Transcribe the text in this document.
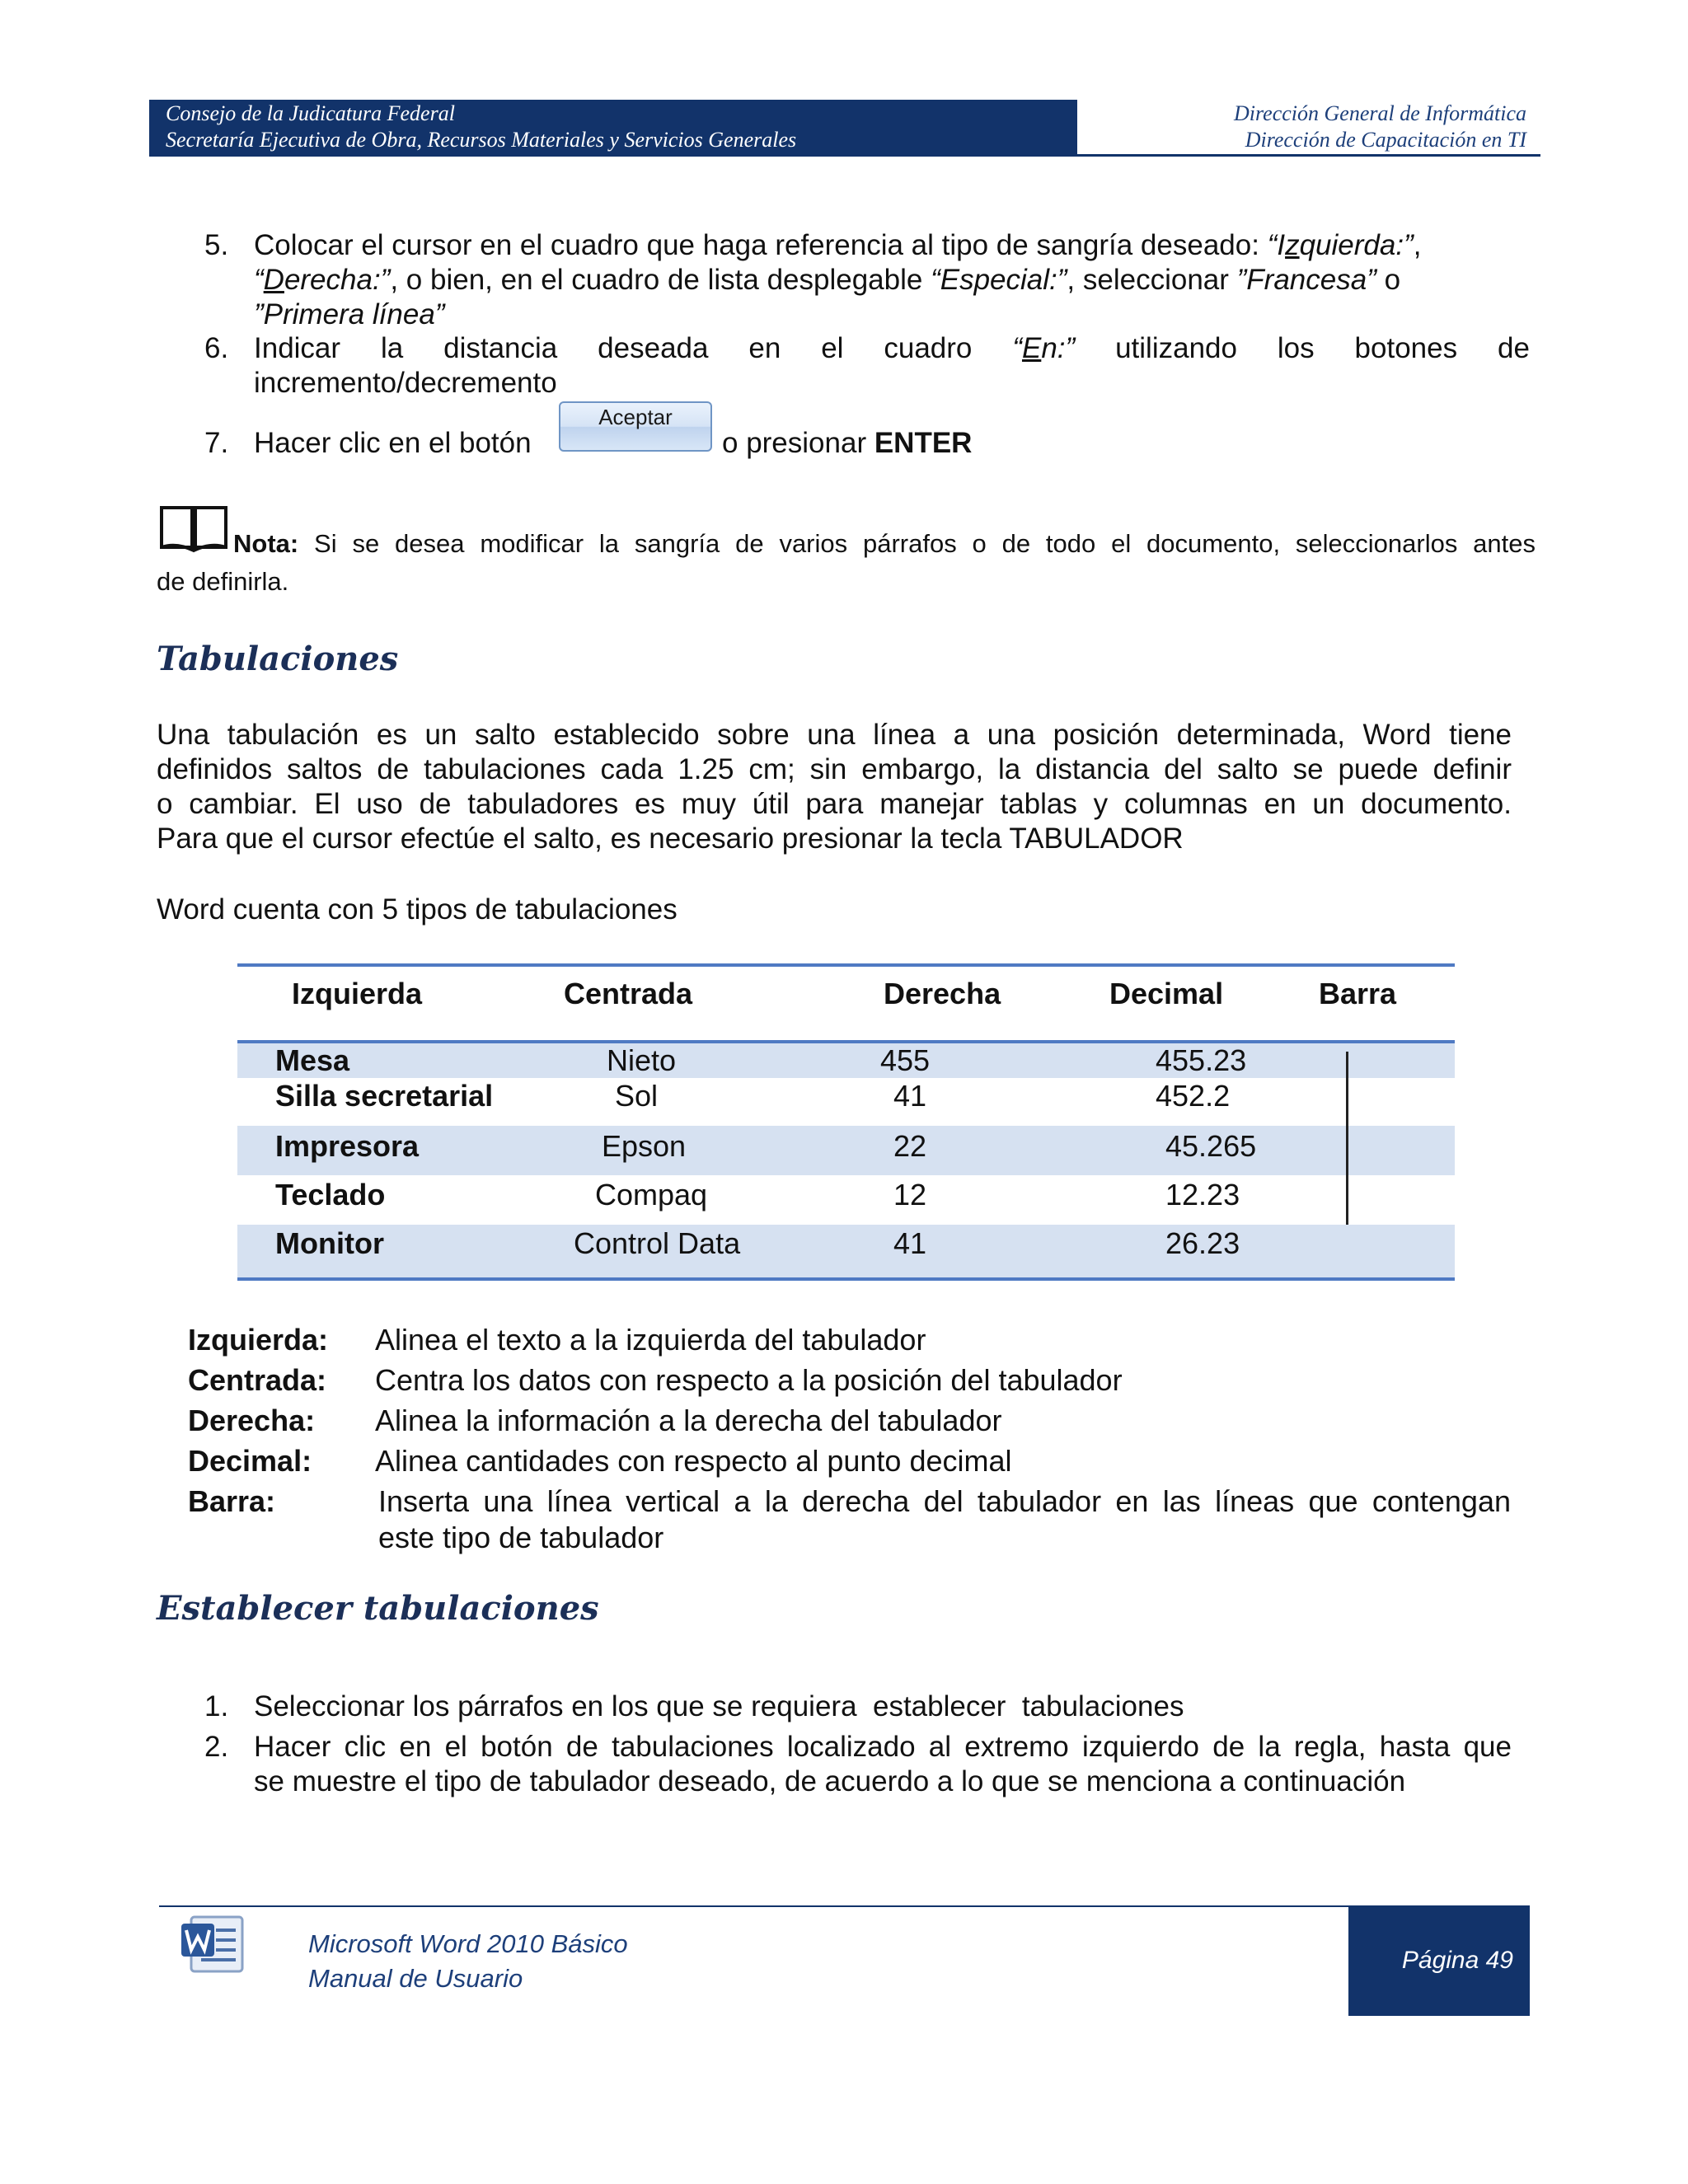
Consejo de la Judicatura Federal
Secretaría Ejecutiva de Obra, Recursos Materiales y Servicios Generales
Dirección General de Informática
Dirección de Capacitación en TI
5. Colocar el cursor en el cuadro que haga referencia al tipo de sangría deseado: “Izquierda:”,
“Derecha:”, o bien, en el cuadro de lista desplegable “Especial:”, seleccionar ”Francesa” o
”Primera línea”
6. Indicar la distancia deseada en el cuadro “En:” utilizando los botones de
incremento/decremento
7. Hacer clic en el botón
Aceptar
o presionar ENTER
Nota: Si se desea modificar la sangría de varios párrafos o de todo el documento, seleccionarlos antes
de definirla.
Tabulaciones
Una tabulación es un salto establecido sobre una línea a una posición determinada, Word tiene
definidos saltos de tabulaciones cada 1.25 cm; sin embargo, la distancia del salto se puede definir
o cambiar. El uso de tabuladores es muy útil para manejar tablas y columnas en un documento.
Para que el cursor efectúe el salto, es necesario presionar la tecla TABULADOR
Word cuenta con 5 tipos de tabulaciones
Izquierda	Centrada	Derecha	Decimal	Barra
Mesa	Nieto	455	455.23
Silla secretarial	Sol	41	452.2
Impresora	Epson	22	45.265
Teclado	Compaq	12	12.23
Monitor	Control Data	41	26.23
Izquierda: Alinea el texto a la izquierda del tabulador
Centrada: Centra los datos con respecto a la posición del tabulador
Derecha: Alinea la información a la derecha del tabulador
Decimal: Alinea cantidades con respecto al punto decimal
Barra:	Inserta una línea vertical a la derecha del tabulador en las líneas que contengan
este tipo de tabulador
Establecer tabulaciones
1. Seleccionar los párrafos en los que se requiera  establecer  tabulaciones
2. Hacer clic en el botón de tabulaciones localizado al extremo izquierdo de la regla, hasta que
se muestre el tipo de tabulador deseado, de acuerdo a lo que se menciona a continuación
Microsoft Word 2010 Básico
Manual de Usuario
Página 49
